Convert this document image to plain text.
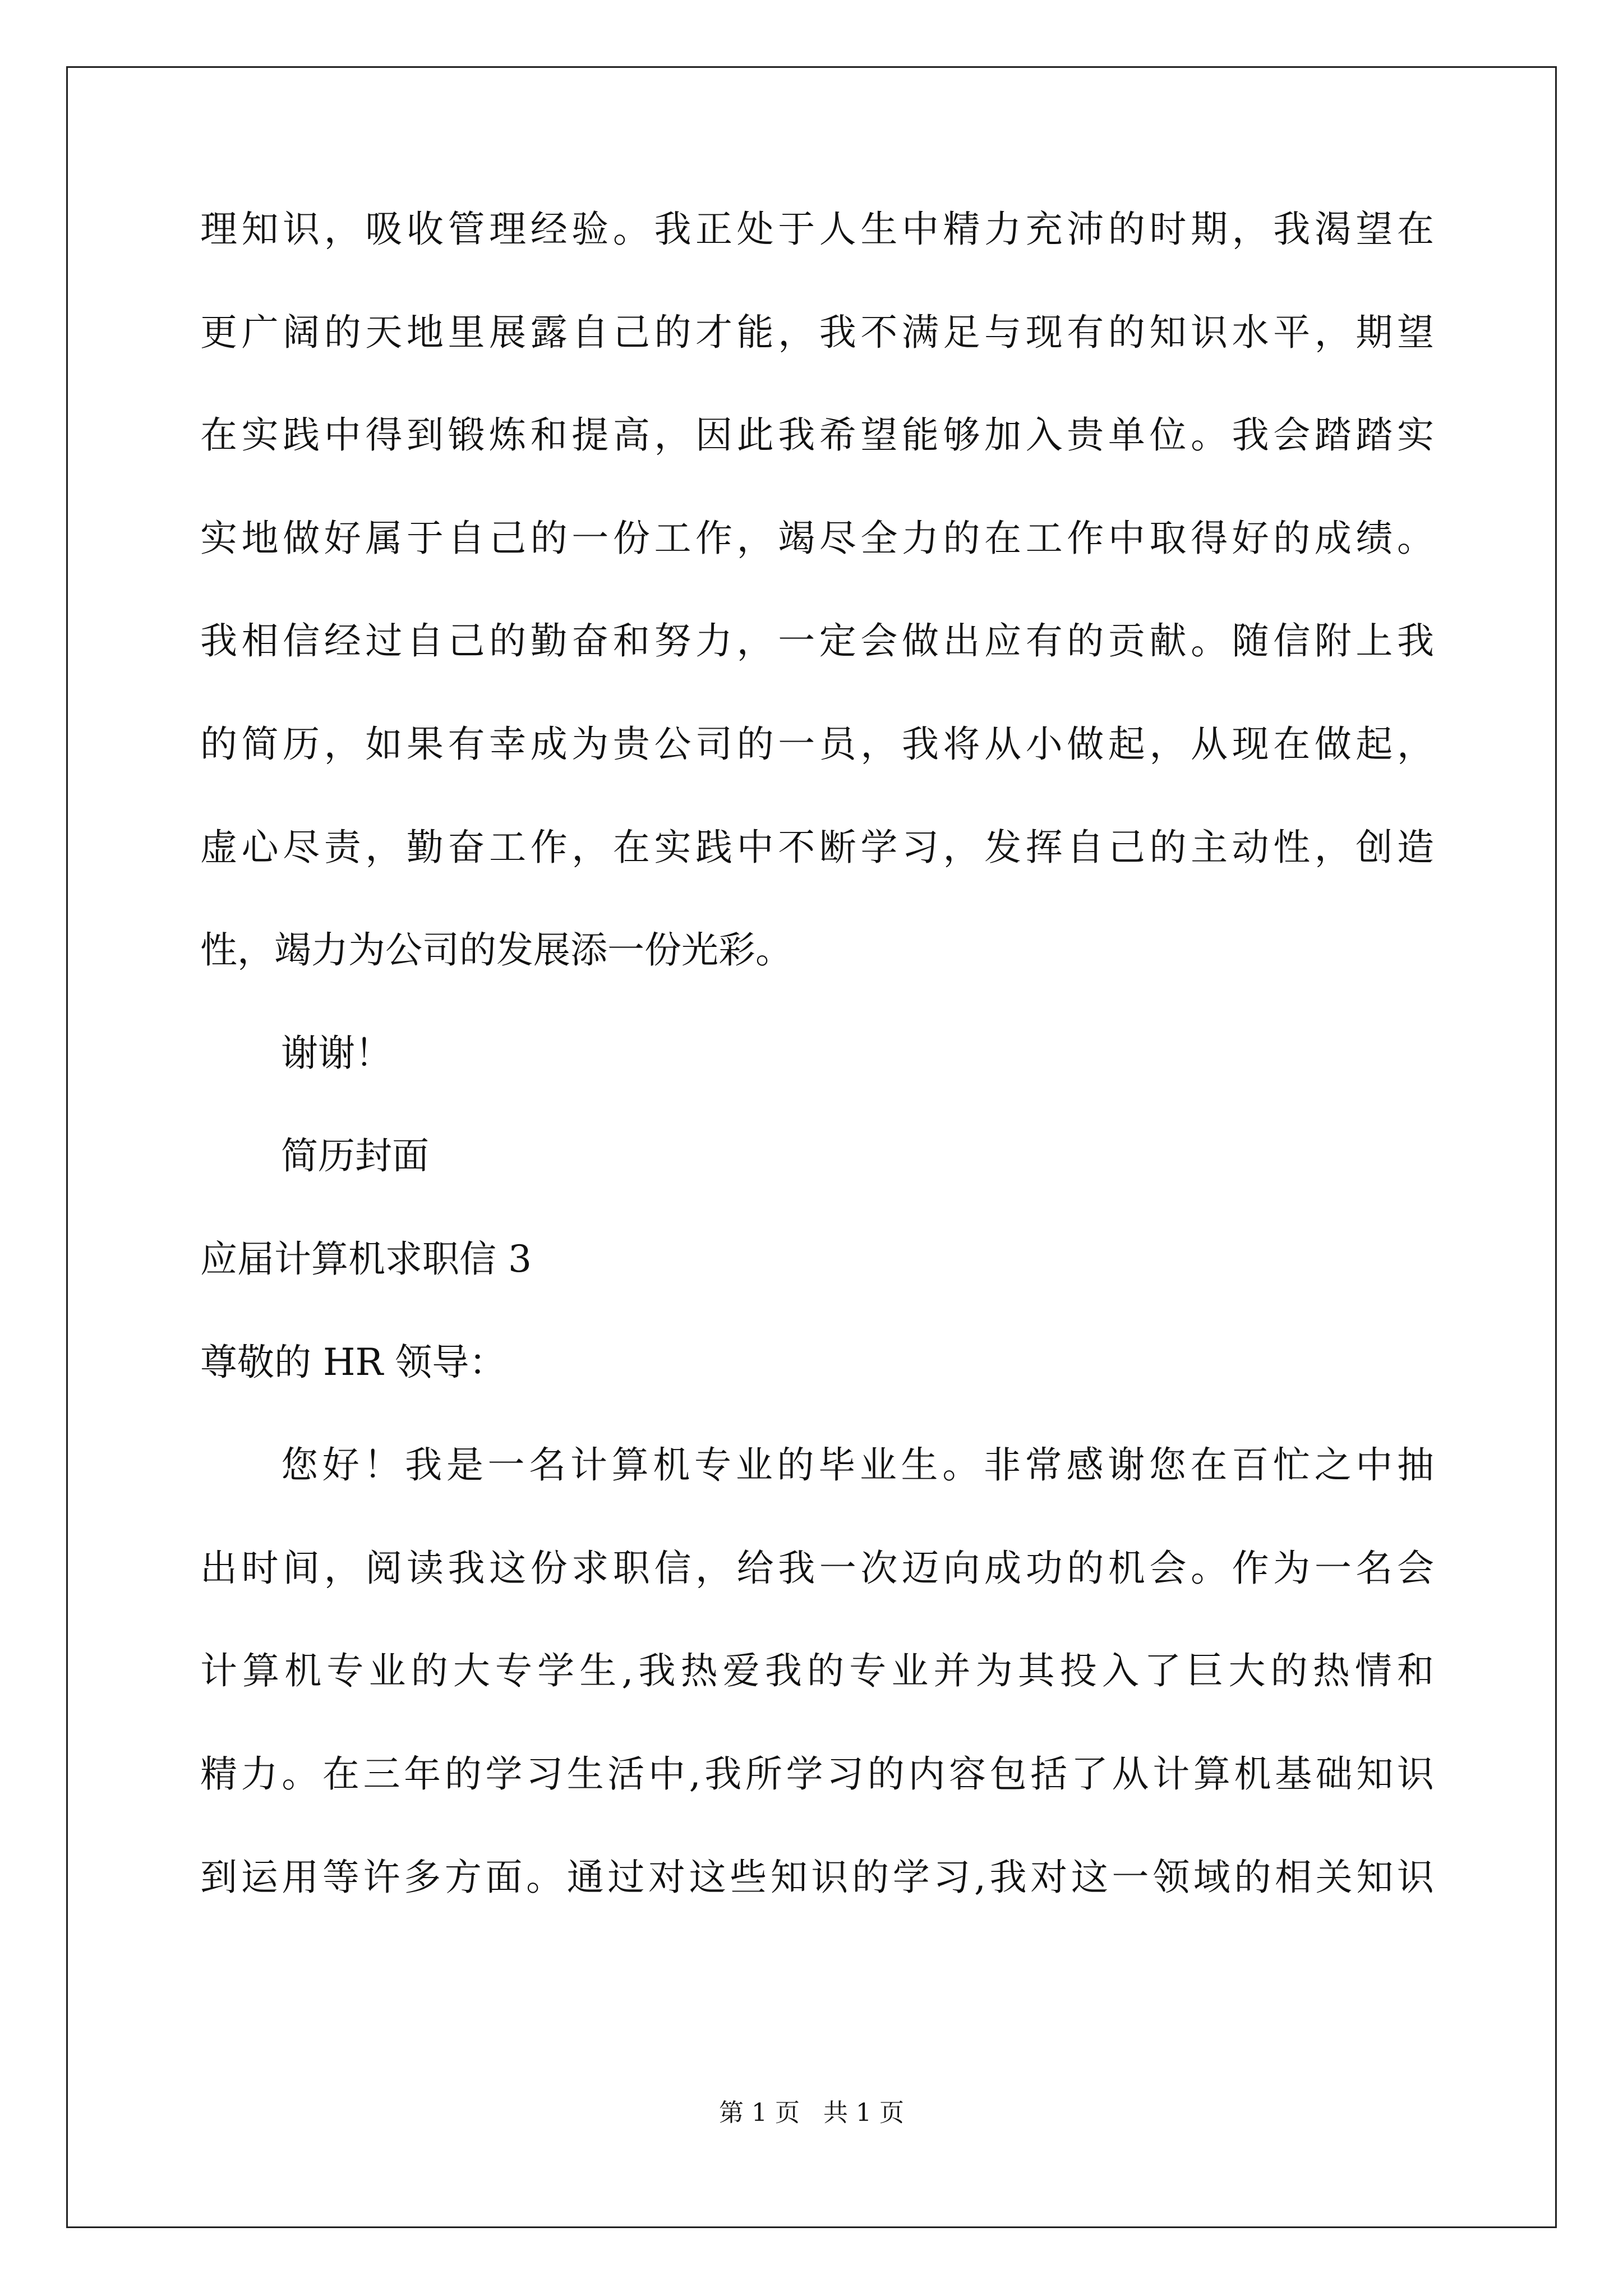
理知识，吸收管理经验。我正处于人生中精力充沛的时期，我渴望在
更广阔的天地里展露自己的才能，我不满足与现有的知识水平，期望
在实践中得到锻炼和提高，因此我希望能够加入贵单位。我会踏踏实
实地做好属于自己的一份工作，竭尽全力的在工作中取得好的成绩。
我相信经过自己的勤奋和努力，一定会做出应有的贡献。随信附上我
的简历，如果有幸成为贵公司的一员，我将从小做起，从现在做起，
虚心尽责，勤奋工作，在实践中不断学习，发挥自己的主动性，创造
性，竭力为公司的发展添一份光彩。
谢谢！
简历封面
应届计算机求职信 3
尊敬的 HR 领导：
您好！我是一名计算机专业的毕业生。非常感谢您在百忙之中抽
出时间，阅读我这份求职信，给我一次迈向成功的机会。作为一名会
计算机专业的大专学生,我热爱我的专业并为其投入了巨大的热情和
精力。在三年的学习生活中,我所学习的内容包括了从计算机基础知识
到运用等许多方面。通过对这些知识的学习,我对这一领域的相关知识
第 1 页   共 1 页
